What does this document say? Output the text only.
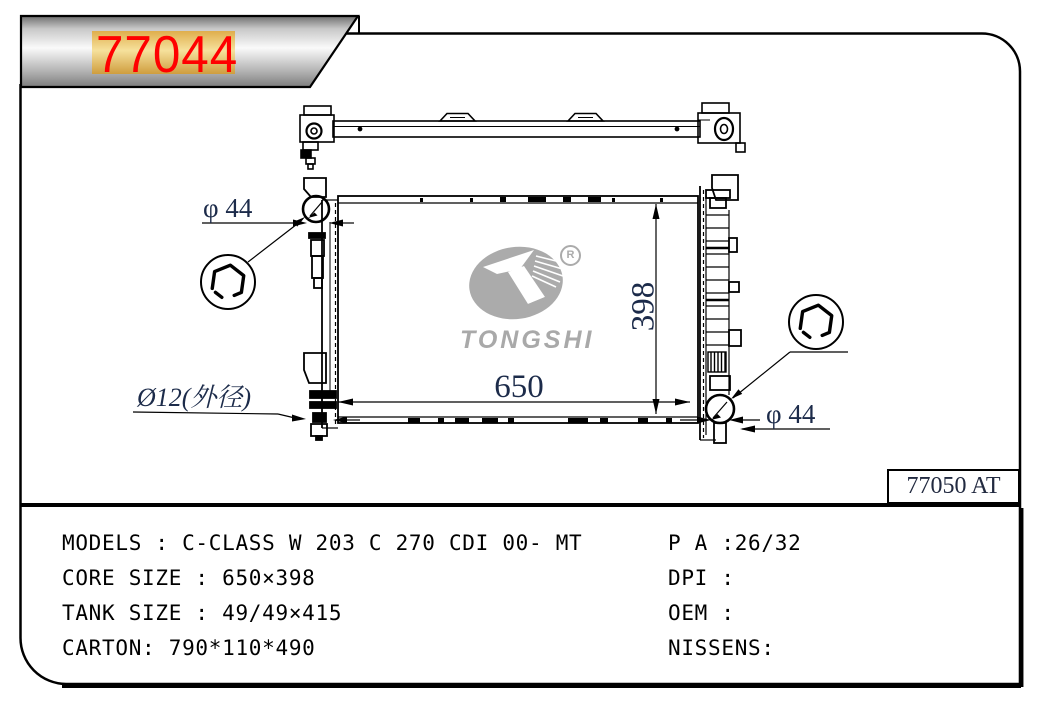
77044
650
398
φ 44
φ 44
Ø12(外径)
77050 AT
TONGSHI
R
MODELS : C-CLASS W 203 C 270 CDI 00- MT
CORE SIZE : 650×398
TANK SIZE : 49/49×415
CARTON: 790*110*490
P A :26/32
DPI :
OEM :
NISSENS:
